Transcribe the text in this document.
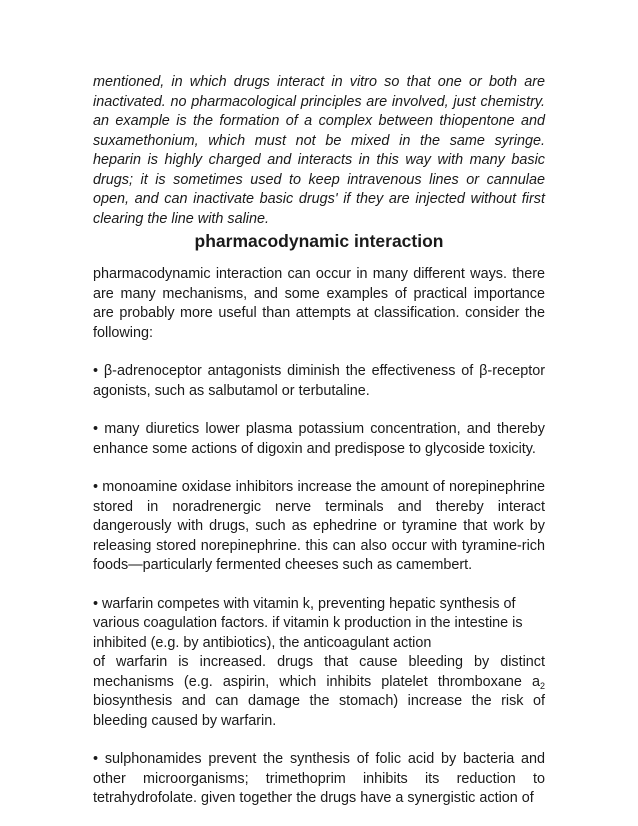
mentioned, in which drugs interact in vitro so that one or both are inactivated. no pharmacological principles are involved, just chemistry. an example is the formation of a complex between thiopentone and suxamethonium, which must not be mixed in the same syringe. heparin is highly charged and interacts in this way with many basic drugs; it is sometimes used to keep intravenous lines or cannulae open, and can inactivate basic drugs' if they are injected without first clearing the line with saline.

pharmacodynamic interaction

pharmacodynamic interaction can occur in many different ways. there are many mechanisms, and some examples of practical importance are probably more useful than attempts at classification. consider the following:

• β-adrenoceptor antagonists diminish the effectiveness of β-receptor agonists, such as salbutamol or terbutaline.

• many diuretics lower plasma potassium concentration, and thereby enhance some actions of digoxin and predispose to glycoside toxicity.

• monoamine oxidase inhibitors increase the amount of norepinephrine stored in noradrenergic nerve terminals and thereby interact dangerously with drugs, such as ephedrine or tyramine that work by releasing stored norepinephrine. this can also occur with tyramine-rich foods—particularly fermented cheeses such as camembert.

• warfarin competes with vitamin k, preventing hepatic synthesis of various coagulation factors. if vitamin k production in the intestine is inhibited (e.g. by antibiotics), the anticoagulant action

of warfarin is increased. drugs that cause bleeding by distinct mechanisms (e.g. aspirin, which inhibits platelet thromboxane $a_2$ biosynthesis and can damage the stomach) increase the risk of bleeding caused by warfarin.

• sulphonamides prevent the synthesis of folic acid by bacteria and other microorganisms; trimethoprim inhibits its reduction to tetrahydrofolate. given together the drugs have a synergistic action of
